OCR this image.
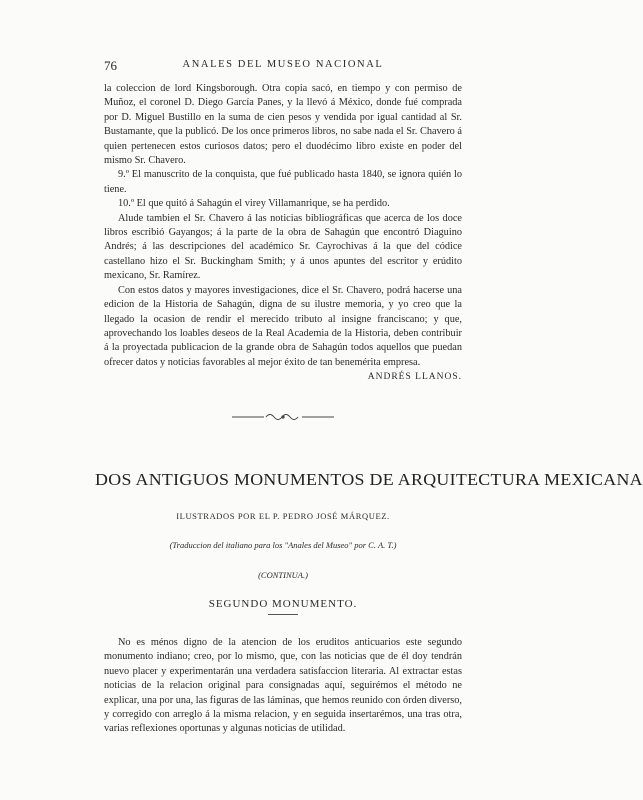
76	ANALES DEL MUSEO NACIONAL

la coleccion de lord Kingsborough. Otra copia sacó, en tiempo y con permiso de Muñoz, el coronel D. Diego García Panes, y la llevó á México, donde fué comprada por D. Miguel Bustillo en la suma de cien pesos y vendida por igual cantidad al Sr. Bustamante, que la publicó. De los once primeros libros, no sabe nada el Sr. Chavero á quien pertenecen estos curiosos datos; pero el duodécimo libro existe en poder del mismo Sr. Chavero.

9.º El manuscrito de la conquista, que fué publicado hasta 1840, se ignora quién lo tiene.

10.º El que quitó á Sahagún el virey Villamanrique, se ha perdido.

Alude tambien el Sr. Chavero á las noticias bibliográficas que acerca de los doce libros escribió Gayangos; á la parte de la obra de Sahagún que encontró Diaguino Andrés; á las descripciones del académico Sr. Cayrochivas á la que del códice castellano hizo el Sr. Buckingham Smith; y á unos apuntes del escritor y erúdito mexicano, Sr. Ramírez.

Con estos datos y mayores investigaciones, dice el Sr. Chavero, podrá hacerse una edicion de la Historia de Sahagún, digna de su ilustre memoria, y yo creo que la llegado la ocasion de rendir el merecido tributo al insigne franciscano; y que, aprovechando los loables deseos de la Real Academia de la Historia, deben contribuir á la proyectada publicacion de la grande obra de Sahagún todos aquellos que puedan ofrecer datos y noticias favorables al mejor éxito de tan benemérita empresa.

ANDRÉS LLANOS.
DOS ANTIGUOS MONUMENTOS DE ARQUITECTURA MEXICANA
ILUSTRADOS POR EL P. PEDRO JOSÉ MÁRQUEZ.
(Traduccion del italiano para los "Anales del Museo" por C. A. T.)
(CONTINUA.)
SEGUNDO MONUMENTO.

No es ménos digno de la atencion de los eruditos anticuarios este segundo monumento indiano; creo, por lo mismo, que, con las noticias que de él doy tendrán nuevo placer y experimentarán una verdadera satisfaccion literaria. Al extractar estas noticias de la relacion original para consignadas aquí, seguirémos el método ne explicar, una por una, las figuras de las láminas, que hemos reunido con órden diverso, y corregido con arreglo á la misma relacion, y en seguida insertarémos, una tras otra, varias reflexiones oportunas y algunas noticias de utilidad.
